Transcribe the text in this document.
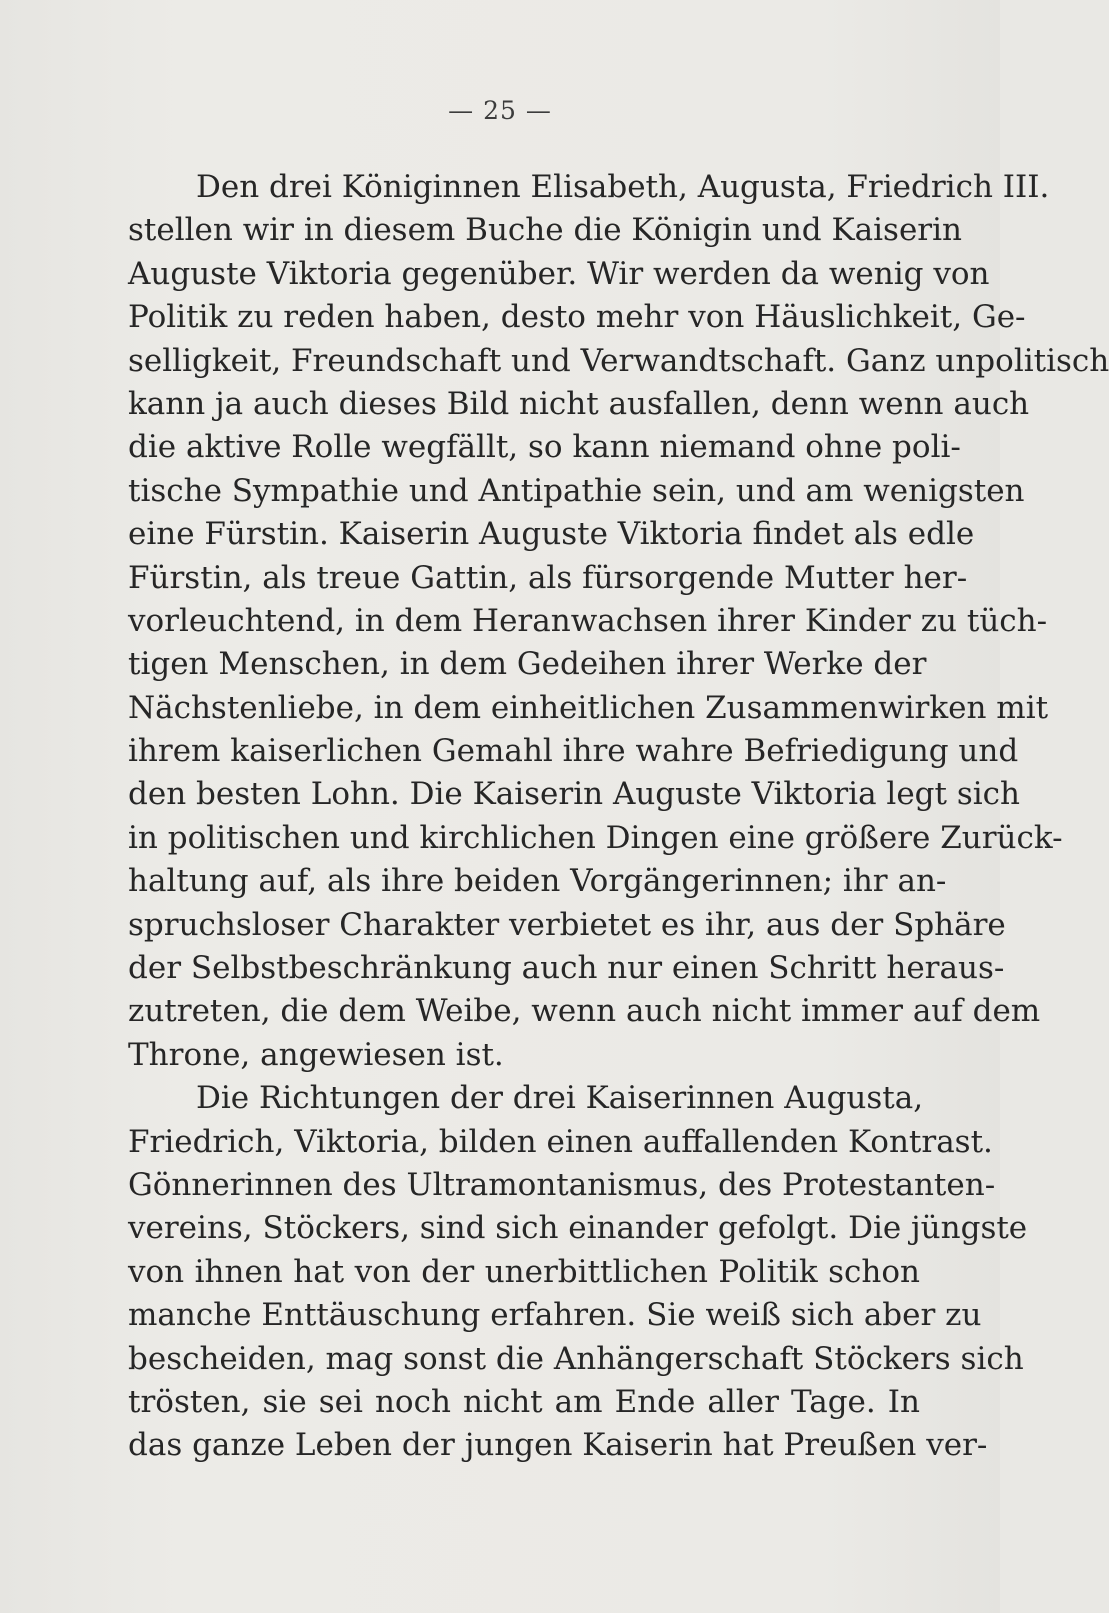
— 25 —
Den drei Königinnen Elisabeth, Augusta, Friedrich III.
stellen wir in diesem Buche die Königin und Kaiserin
Auguste Viktoria gegenüber. Wir werden da wenig von
Politik zu reden haben, desto mehr von Häuslichkeit, Ge-
selligkeit, Freundschaft und Verwandtschaft. Ganz unpolitisch
kann ja auch dieses Bild nicht ausfallen, denn wenn auch
die aktive Rolle wegfällt, so kann niemand ohne poli-
tische Sympathie und Antipathie sein, und am wenigsten
eine Fürstin. Kaiserin Auguste Viktoria findet als edle
Fürstin, als treue Gattin, als fürsorgende Mutter her-
vorleuchtend, in dem Heranwachsen ihrer Kinder zu tüch-
tigen Menschen, in dem Gedeihen ihrer Werke der
Nächstenliebe, in dem einheitlichen Zusammenwirken mit
ihrem kaiserlichen Gemahl ihre wahre Befriedigung und
den besten Lohn. Die Kaiserin Auguste Viktoria legt sich
in politischen und kirchlichen Dingen eine größere Zurück-
haltung auf, als ihre beiden Vorgängerinnen; ihr an-
spruchsloser Charakter verbietet es ihr, aus der Sphäre
der Selbstbeschränkung auch nur einen Schritt heraus-
zutreten, die dem Weibe, wenn auch nicht immer auf dem
Throne, angewiesen ist.
Die Richtungen der drei Kaiserinnen Augusta,
Friedrich, Viktoria, bilden einen auffallenden Kontrast.
Gönnerinnen des Ultramontanismus, des Protestanten-
vereins, Stöckers, sind sich einander gefolgt. Die jüngste
von ihnen hat von der unerbittlichen Politik schon
manche Enttäuschung erfahren. Sie weiß sich aber zu
bescheiden, mag sonst die Anhängerschaft Stöckers sich
trösten, sie sei noch nicht am Ende aller Tage. In
das ganze Leben der jungen Kaiserin hat Preußen ver-
